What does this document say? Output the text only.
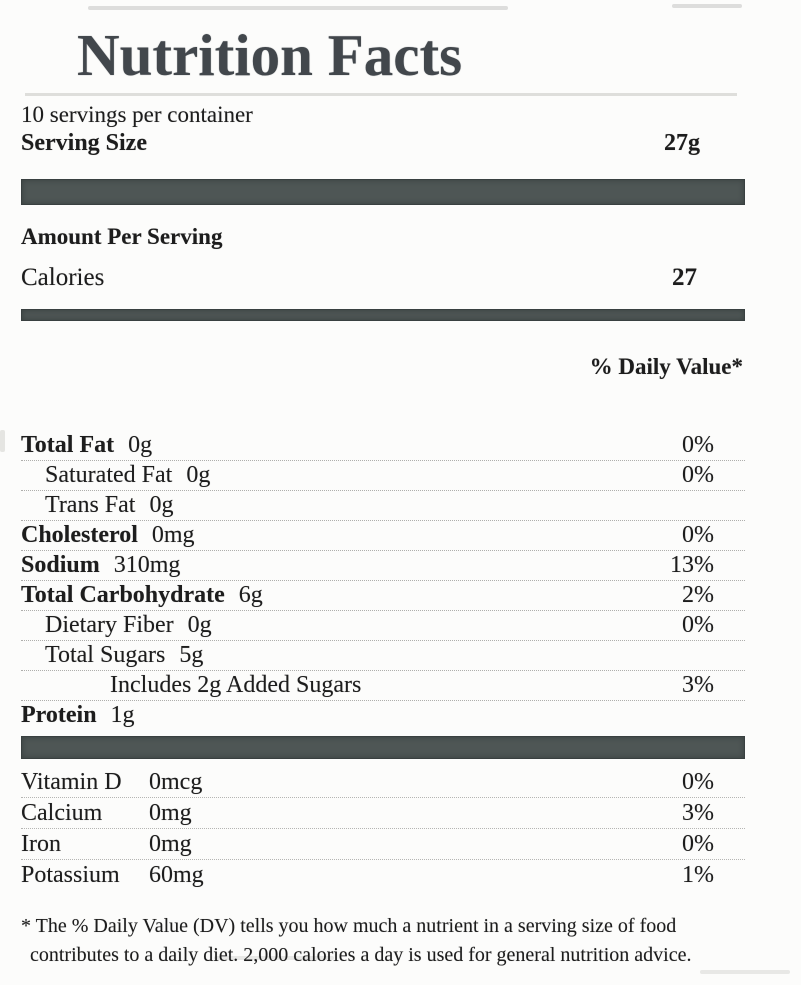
Nutrition Facts
10 servings per container
Serving Size	27g
Amount Per Serving
Calories	27
% Daily Value*
Total Fat 0g	0%
Saturated Fat 0g	0%
Trans Fat 0g
Cholesterol 0mg	0%
Sodium 310mg	13%
Total Carbohydrate 6g	2%
Dietary Fiber 0g	0%
Total Sugars 5g
Includes 2g Added Sugars	3%
Protein 1g
Vitamin D 0mcg	0%
Calcium 0mg	3%
Iron	0mg	0%
Potassium 60mg	1%
* The % Daily Value (DV) tells you how much a nutrient in a serving size of food contributes to a daily diet. 2,000 calories a day is used for general nutrition advice.
